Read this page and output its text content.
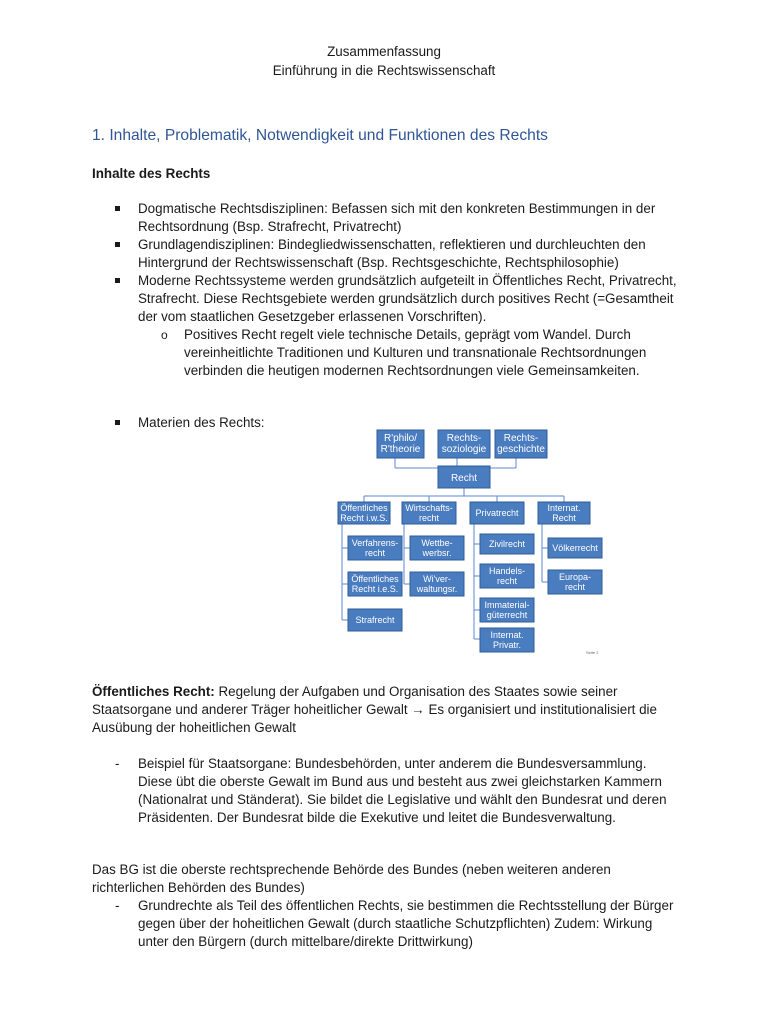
Zusammenfassung
Einführung in die Rechtswissenschaft
1. Inhalte, Problematik, Notwendigkeit und Funktionen des Rechts

Inhalte des Rechts

Dogmatische Rechtsdisziplinen: Befassen sich mit den konkreten Bestimmungen in der Rechtsordnung (Bsp. Strafrecht, Privatrecht)
Grundlagendisziplinen: Bindegliedwissenschatten, reflektieren und durchleuchten den Hintergrund der Rechtswissenschaft (Bsp. Rechtsgeschichte, Rechtsphilosophie)
Moderne Rechtssysteme werden grundsätzlich aufgeteilt in Öffentliches Recht, Privatrecht, Strafrecht. Diese Rechtsgebiete werden grundsätzlich durch positives Recht (=Gesamtheit der vom staatlichen Gesetzgeber erlassenen Vorschriften).
o Positives Recht regelt viele technische Details, geprägt vom Wandel. Durch vereinheitlichte Traditionen und Kulturen und transnationale Rechtsordnungen verbinden die heutigen modernen Rechtsordnungen viele Gemeinsamkeiten.
Materien des Rechts:
R'philo/
R'theorie
Rechts-
soziologie
Rechts-
geschichte
Recht
Öffentliches
Recht i.w.S.
Wirtschafts-
recht	Privatrecht	Internat.
Recht
Verfahrens-
recht
Öffentliches
Recht i.e.S.
Strafrecht
Wettbe-
werbsr.
Wi'ver-
waltungsr.
Zivilrecht
Handels-
recht
Immaterial-
güterrecht
Internat.
Privatr.
Völkerrecht
Europa-
recht
Seite 2

Öffentliches Recht: Regelung der Aufgaben und Organisation des Staates sowie seiner Staatsorgane und anderer Träger hoheitlicher Gewalt → Es organisiert und institutionalisiert die Ausübung der hoheitlichen Gewalt

- Beispiel für Staatsorgane: Bundesbehörden, unter anderem die Bundesversammlung. Diese übt die oberste Gewalt im Bund aus und besteht aus zwei gleichstarken Kammern (Nationalrat und Ständerat). Sie bildet die Legislative und wählt den Bundesrat und deren Präsidenten. Der Bundesrat bilde die Exekutive und leitet die Bundesverwaltung.

Das BG ist die oberste rechtsprechende Behörde des Bundes (neben weiteren anderen richterlichen Behörden des Bundes)

- Grundrechte als Teil des öffentlichen Rechts, sie bestimmen die Rechtsstellung der Bürger gegen über der hoheitlichen Gewalt (durch staatliche Schutzpflichten) Zudem: Wirkung unter den Bürgern (durch mittelbare/direkte Drittwirkung)
